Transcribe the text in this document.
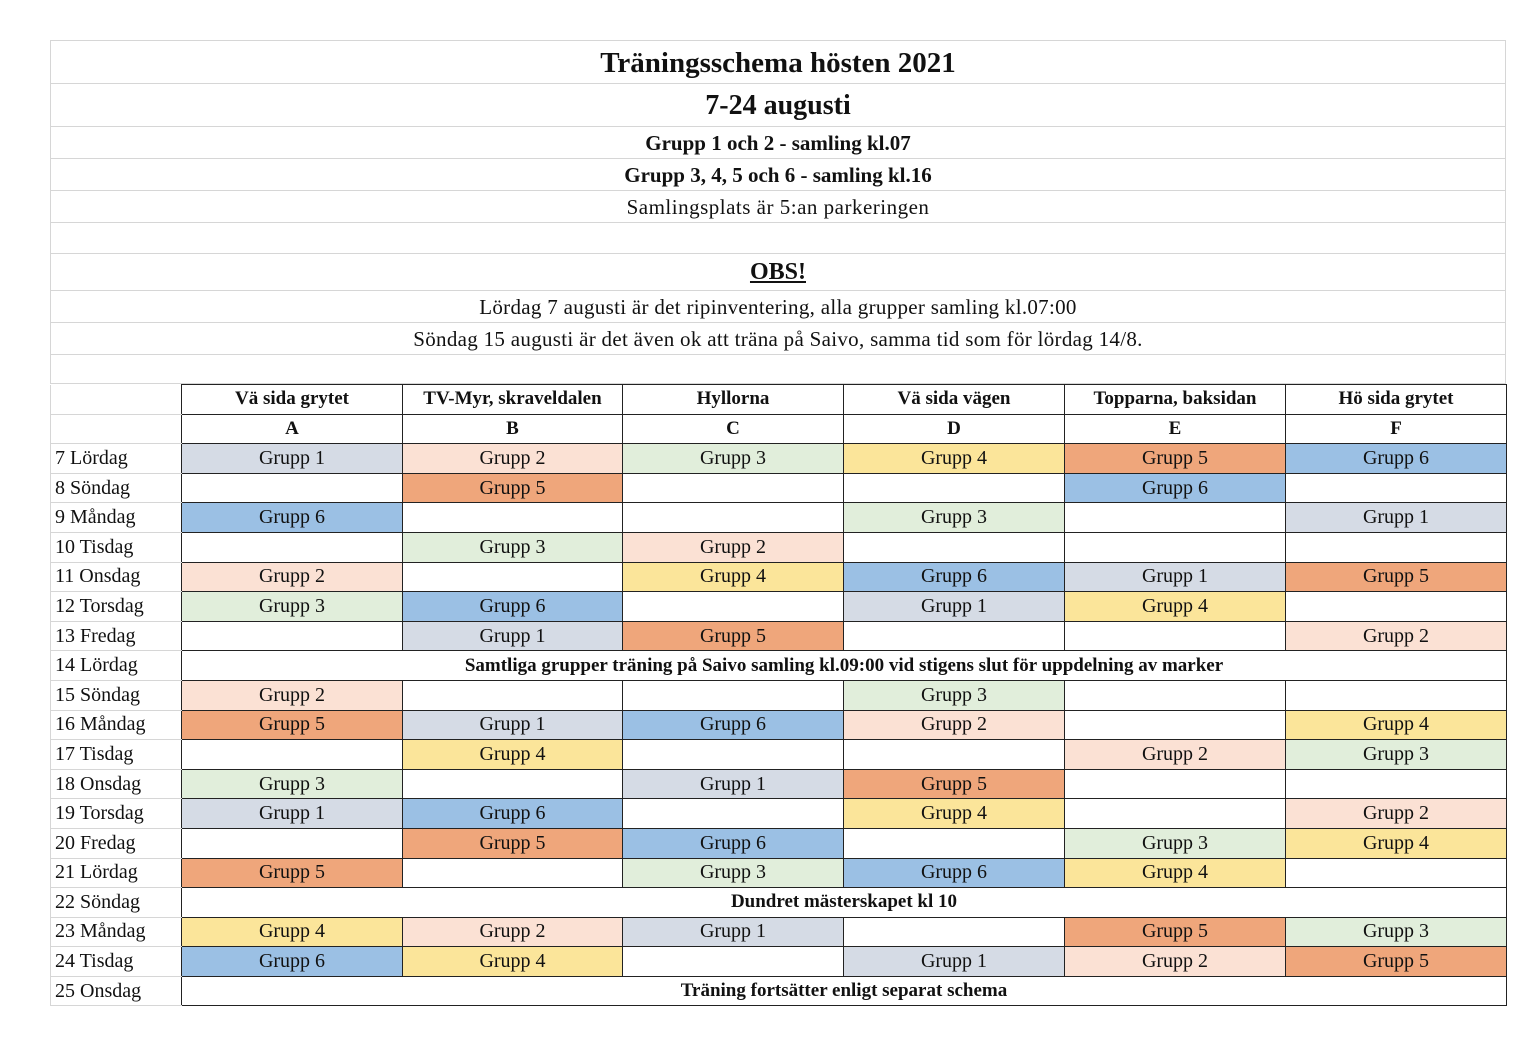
Träningsschema hösten 2021
7-24 augusti
Grupp 1 och 2 - samling kl.07
Grupp 3, 4, 5 och 6 - samling kl.16
Samlingsplats är 5:an parkeringen
OBS!
Lördag 7 augusti är det ripinventering, alla grupper samling kl.07:00
Söndag 15 augusti är det även ok att träna på Saivo, samma tid som för lördag 14/8.
	Vä sida grytet	TV-Myr, skraveldalen	Hyllorna	Vä sida vägen	Topparna, baksidan	Hö sida grytet
	A	B	C	D	E	F
7 Lördag	Grupp 1	Grupp 2	Grupp 3	Grupp 4	Grupp 5	Grupp 6
8 Söndag		Grupp 5			Grupp 6	
9 Måndag	Grupp 6			Grupp 3		Grupp 1
10 Tisdag		Grupp 3	Grupp 2			
11 Onsdag	Grupp 2		Grupp 4	Grupp 6	Grupp 1	Grupp 5
12 Torsdag	Grupp 3	Grupp 6		Grupp 1	Grupp 4	
13 Fredag		Grupp 1	Grupp 5			Grupp 2
14 Lördag	Samtliga grupper träning på Saivo samling kl.09:00 vid stigens slut för uppdelning av marker					
15 Söndag	Grupp 2			Grupp 3		
16 Måndag	Grupp 5	Grupp 1	Grupp 6	Grupp 2		Grupp 4
17 Tisdag		Grupp 4			Grupp 2	Grupp 3
18 Onsdag	Grupp 3		Grupp 1	Grupp 5		
19 Torsdag	Grupp 1	Grupp 6		Grupp 4		Grupp 2
20 Fredag		Grupp 5	Grupp 6		Grupp 3	Grupp 4
21 Lördag	Grupp 5		Grupp 3	Grupp 6	Grupp 4	
22 Söndag	Dundret mästerskapet kl 10					
23 Måndag	Grupp 4	Grupp 2	Grupp 1		Grupp 5	Grupp 3
24 Tisdag	Grupp 6	Grupp 4		Grupp 1	Grupp 2	Grupp 5
25 Onsdag	Träning fortsätter enligt separat schema					
